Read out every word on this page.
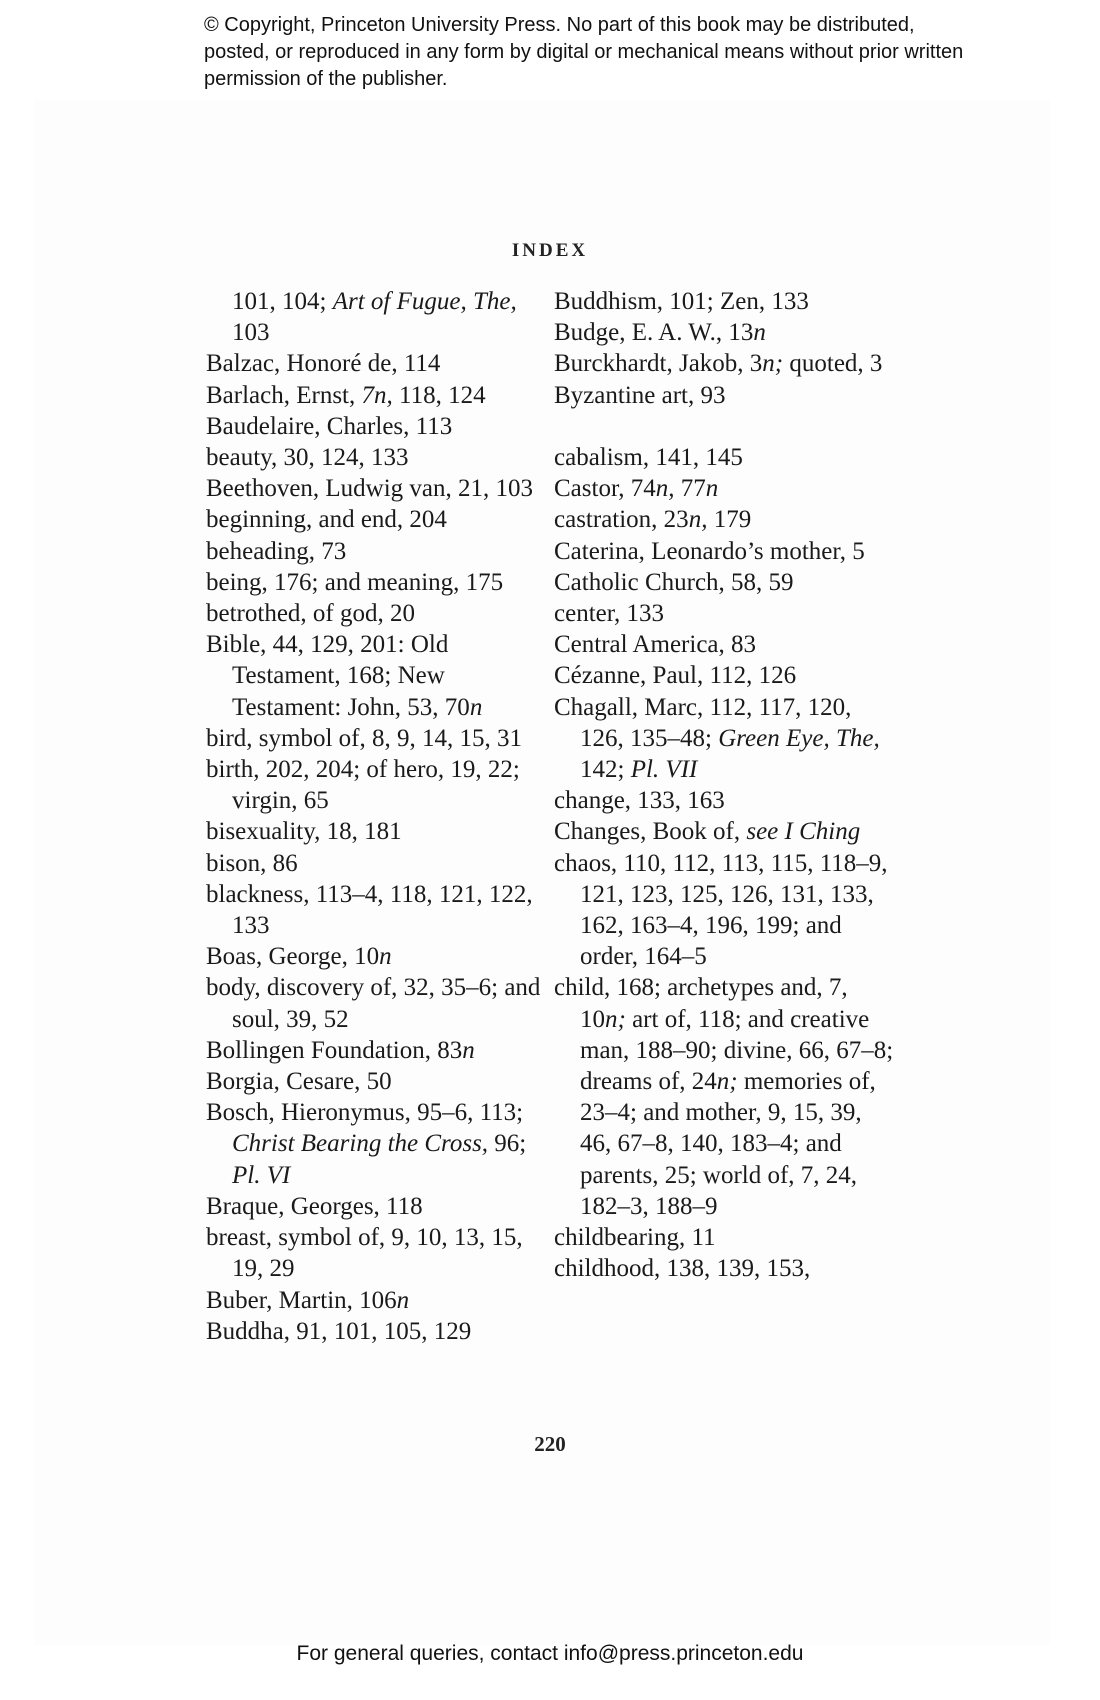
© Copyright, Princeton University Press. No part of this book may be distributed, posted, or reproduced in any form by digital or mechanical means without prior written permission of the publisher.
INDEX
101, 104; Art of Fugue, The, 103
Balzac, Honoré de, 114
Barlach, Ernst, 7n, 118, 124
Baudelaire, Charles, 113
beauty, 30, 124, 133
Beethoven, Ludwig van, 21, 103
beginning, and end, 204
beheading, 73
being, 176; and meaning, 175
betrothed, of god, 20
Bible, 44, 129, 201: Old Testament, 168; New Testament: John, 53, 70n
bird, symbol of, 8, 9, 14, 15, 31
birth, 202, 204; of hero, 19, 22; virgin, 65
bisexuality, 18, 181
bison, 86
blackness, 113–4, 118, 121, 122, 133
Boas, George, 10n
body, discovery of, 32, 35–6; and soul, 39, 52
Bollingen Foundation, 83n
Borgia, Cesare, 50
Bosch, Hieronymus, 95–6, 113; Christ Bearing the Cross, 96; Pl. VI
Braque, Georges, 118
breast, symbol of, 9, 10, 13, 15, 19, 29
Buber, Martin, 106n
Buddha, 91, 101, 105, 129
Buddhism, 101; Zen, 133
Budge, E. A. W., 13n
Burckhardt, Jakob, 3n; quoted, 3
Byzantine art, 93
cabalism, 141, 145
Castor, 74n, 77n
castration, 23n, 179
Caterina, Leonardo’s mother, 5
Catholic Church, 58, 59
center, 133
Central America, 83
Cézanne, Paul, 112, 126
Chagall, Marc, 112, 117, 120, 126, 135–48; Green Eye, The, 142; Pl. VII
change, 133, 163
Changes, Book of, see I Ching
chaos, 110, 112, 113, 115, 118–9, 121, 123, 125, 126, 131, 133, 162, 163–4, 196, 199; and order, 164–5
child, 168; archetypes and, 7, 10n; art of, 118; and creative man, 188–90; divine, 66, 67–8; dreams of, 24n; memories of, 23–4; and mother, 9, 15, 39, 46, 67–8, 140, 183–4; and parents, 25; world of, 7, 24, 182–3, 188–9
childbearing, 11
childhood, 138, 139, 153,
220
For general queries, contact info@press.princeton.edu
